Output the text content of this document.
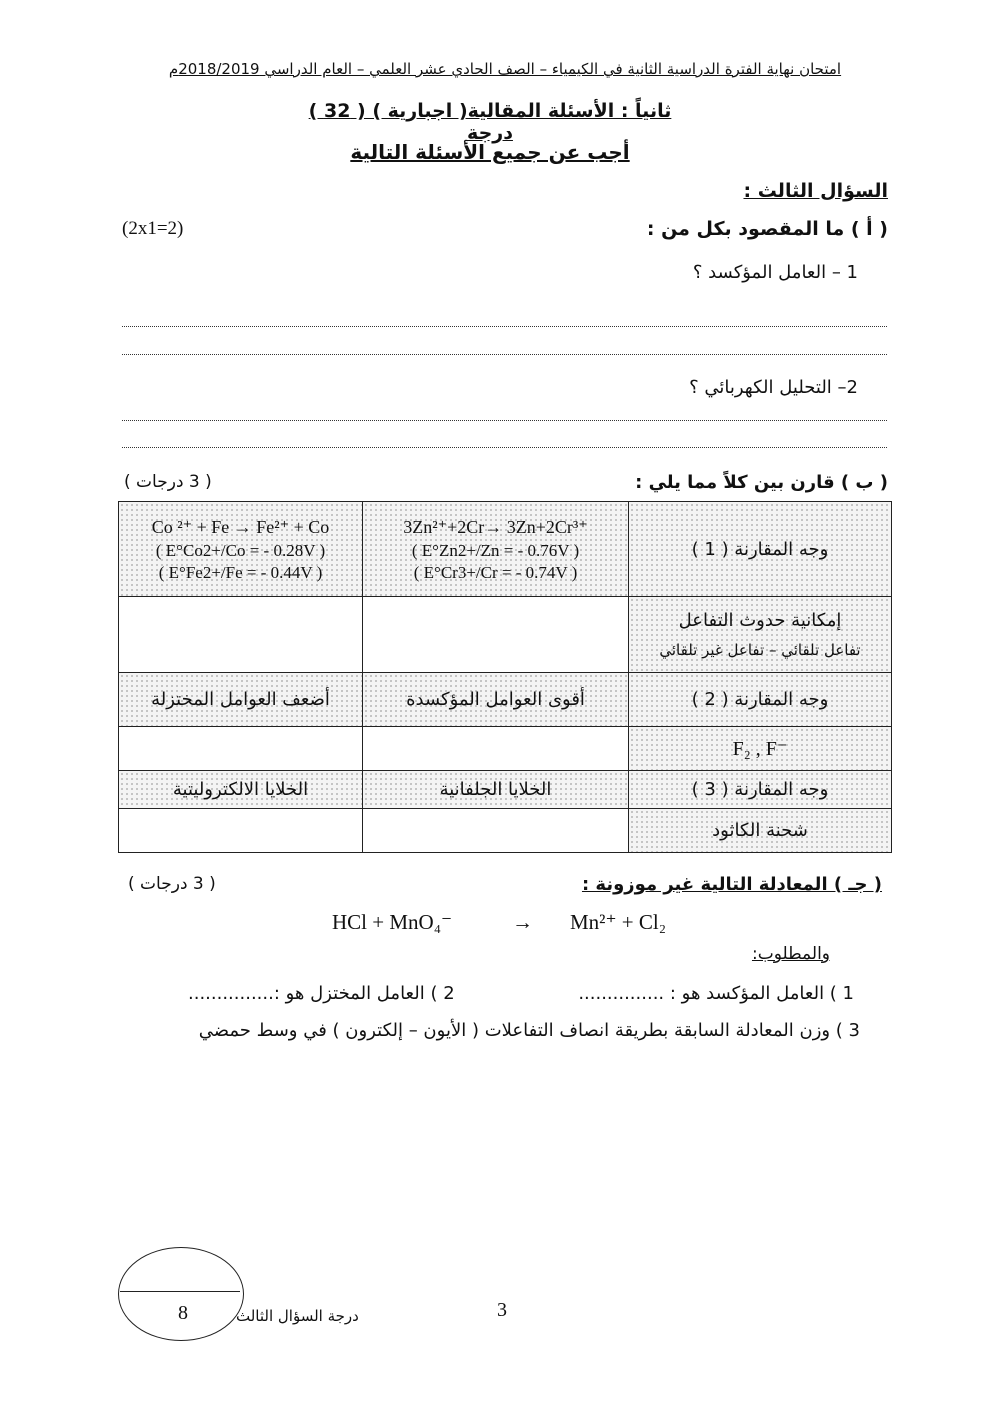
امتحان نهاية الفترة الدراسية الثانية في الكيمياء – الصف الحادي عشر العلمي – العام الدراسي 2018/2019م
ثانياً : الأسئلة المقالية( اجبارية ) ( 32 ) درجة
أجب عن جميع الأسئلة التالية
السؤال الثالث :
( أ ) ما المقصود بكل من :
(2x1=2)
1 – العامل المؤكسد ؟
2– التحليل الكهربائي ؟
( ب ) قارن بين كلاً مما يلي :
( 3 درجات )
Co ²⁺ + Fe → Fe²⁺ + Co
( E°Co2+/Co = - 0.28V )
( E°Fe2+/Fe = - 0.44V )	3Zn²⁺+2Cr→ 3Zn+2Cr³⁺
( E°Zn2+/Zn = - 0.76V )
( E°Cr3+/Cr = - 0.74V )	وجه المقارنة ( 1 )

		إمكانية حدوث التفاعل
تفاعل تلقائي – تفاعل غير تلقائي

أضعف العوامل المختزلة	أقوى العوامل المؤكسدة	وجه المقارنة ( 2 )
		F₂ , F⁻
الخلايا الالكتروليتية	الخلايا الجلفانية	وجه المقارنة ( 3 )
		شحنة الكاثود
( جـ ) المعادلة التالية غير موزونة :
( 3 درجات )
HCl + MnO₄⁻	→ Mn²⁺ + Cl₂
والمطلوب:
1 ) العامل المؤكسد هو : ...............
2 ) العامل المختزل هو :...............
3 ) وزن المعادلة السابقة بطريقة انصاف التفاعلات ( الأيون – إلكترون ) في وسط حمضي
8	درجة السؤال الثالث	3
